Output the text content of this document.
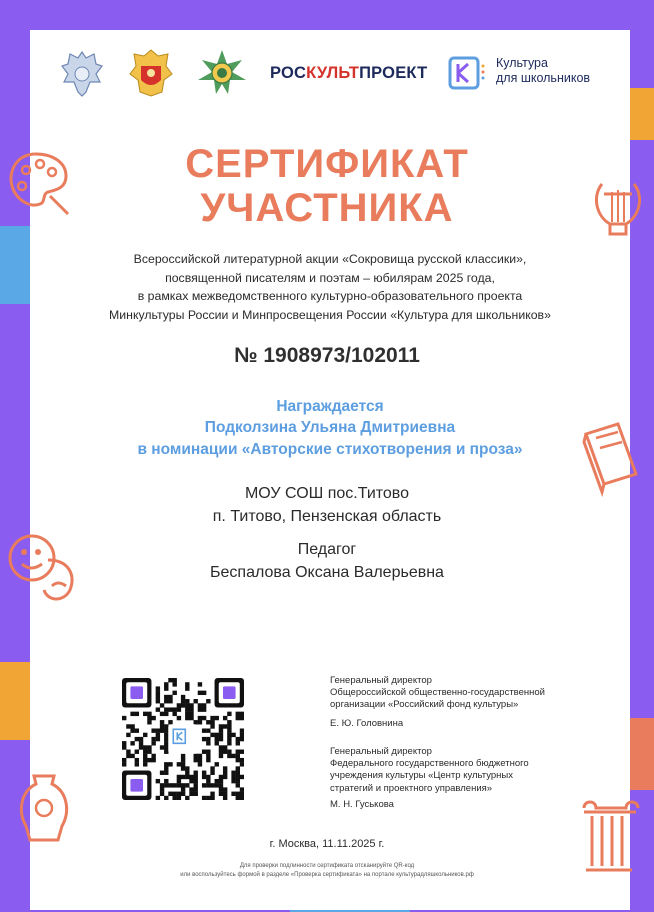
РОСКУЛЬТПРОЕКТ
Культура
для школьников
СЕРТИФИКАТ
УЧАСТНИКА
Всероссийской литературной акции «Сокровища русской классики»,
посвященной писателям и поэтам – юбилярам 2025 года,
в рамках межведомственного культурно-образовательного проекта
Минкультуры России и Минпросвещения России «Культура для школьников»
№ 1908973/102011
Награждается
Подколзина Ульяна Дмитриевна
в номинации «Авторские стихотворения и проза»
МОУ СОШ пос.Титово
п. Титово, Пензенская область
Педагог
Беспалова Оксана Валерьевна
Генеральный директор
Общероссийской общественно-государственной
организации «Российский фонд культуры»
Е. Ю. Головнина
Генеральный директор
Федерального государственного бюджетного
учреждения культуры «Центр культурных
стратегий и проектного управления»
М. Н. Гуськова
г. Москва, 11.11.2025 г.
Для проверки подлинности сертификата отсканируйте QR-код
или воспользуйтесь формой в разделе «Проверка сертификата» на портале культурадляшкольников.рф
